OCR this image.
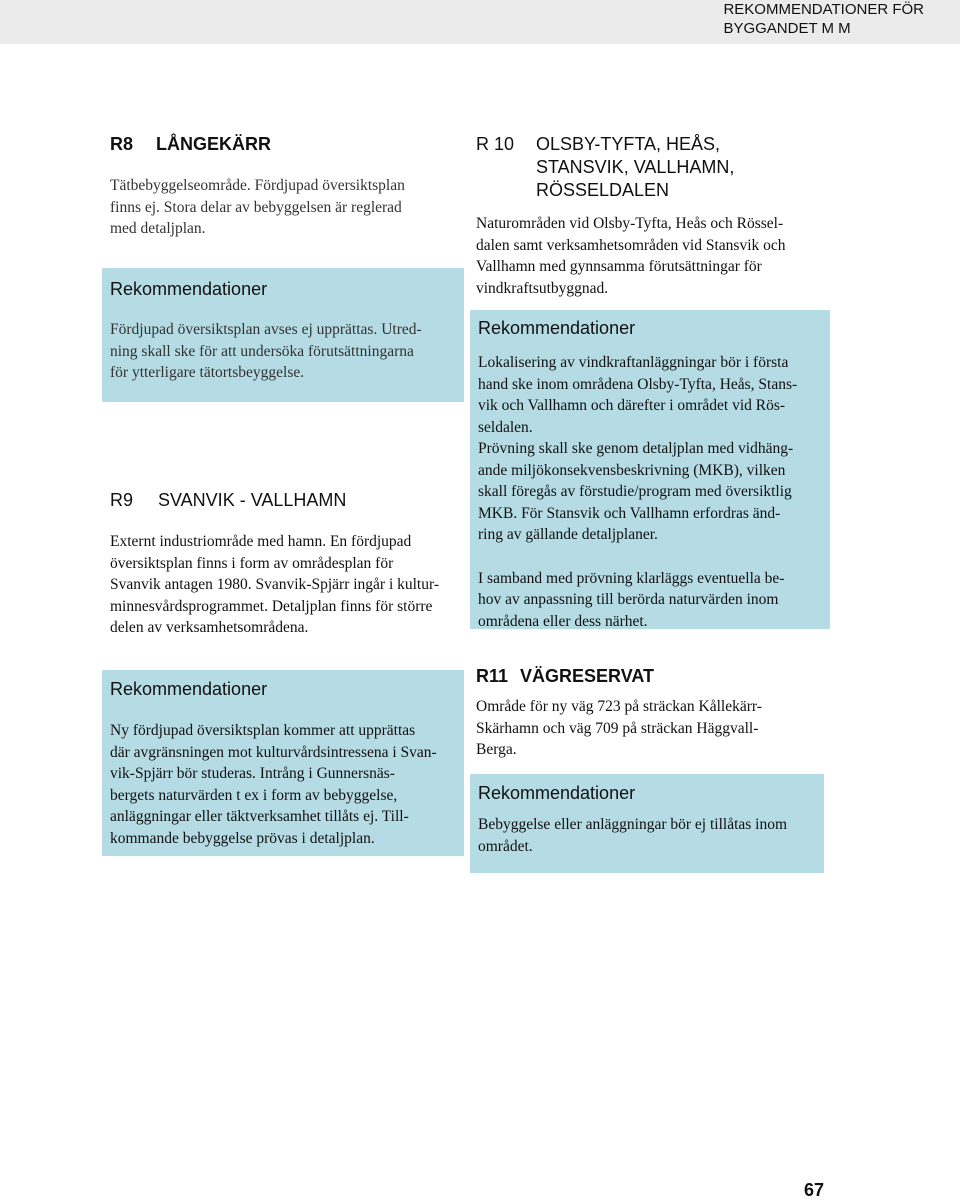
REKOMMENDATIONER FÖR
BYGGANDET M M
R8 LÅNGEKÄRR
Tätbebyggelseområde. Fördjupad översiktsplan
finns ej. Stora delar av bebyggelsen är reglerad
med detaljplan.
Rekommendationer
Fördjupad översiktsplan avses ej upprättas. Utred-
ning skall ske för att undersöka förutsättningarna
för ytterligare tätortsbeyggelse.
R9 SVANVIK - VALLHAMN
Externt industriområde med hamn. En fördjupad
översiktsplan finns i form av områdesplan för
Svanvik antagen 1980. Svanvik-Spjärr ingår i kultur-
minnesvårdsprogrammet. Detaljplan finns för större
delen av verksamhetsområdena.
Rekommendationer
Ny fördjupad översiktsplan kommer att upprättas
där avgränsningen mot kulturvårdsintressena i Svan-
vik-Spjärr bör studeras. Intrång i Gunnersnäs-
bergets naturvärden t ex i form av bebyggelse,
anläggningar eller täktverksamhet tillåts ej. Till-
kommande bebyggelse prövas i detaljplan.
R 10	OLSBY-TYFTA, HEÅS,
STANSVIK, VALLHAMN,
RÖSSELDALEN
Naturområden vid Olsby-Tyfta, Heås och Rössel-
dalen samt verksamhetsområden vid Stansvik och
Vallhamn med gynnsamma förutsättningar för
vindkraftsutbyggnad.
Rekommendationer
Lokalisering av vindkraftanläggningar bör i första
hand ske inom områdena Olsby-Tyfta, Heås, Stans-
vik och Vallhamn och därefter i området vid Rös-
seldalen.
Prövning skall ske genom detaljplan med vidhäng-
ande miljökonsekvensbeskrivning (MKB), vilken
skall föregås av förstudie/program med översiktlig
MKB. För Stansvik och Vallhamn erfordras änd-
ring av gällande detaljplaner.
I samband med prövning klarläggs eventuella be-
hov av anpassning till berörda naturvärden inom
områdena eller dess närhet.
R11 VÄGRESERVAT
Område för ny väg 723 på sträckan Kållekärr-
Skärhamn och väg 709 på sträckan Häggvall-
Berga.
Rekommendationer
Bebyggelse eller anläggningar bör ej tillåtas inom
området.
67
